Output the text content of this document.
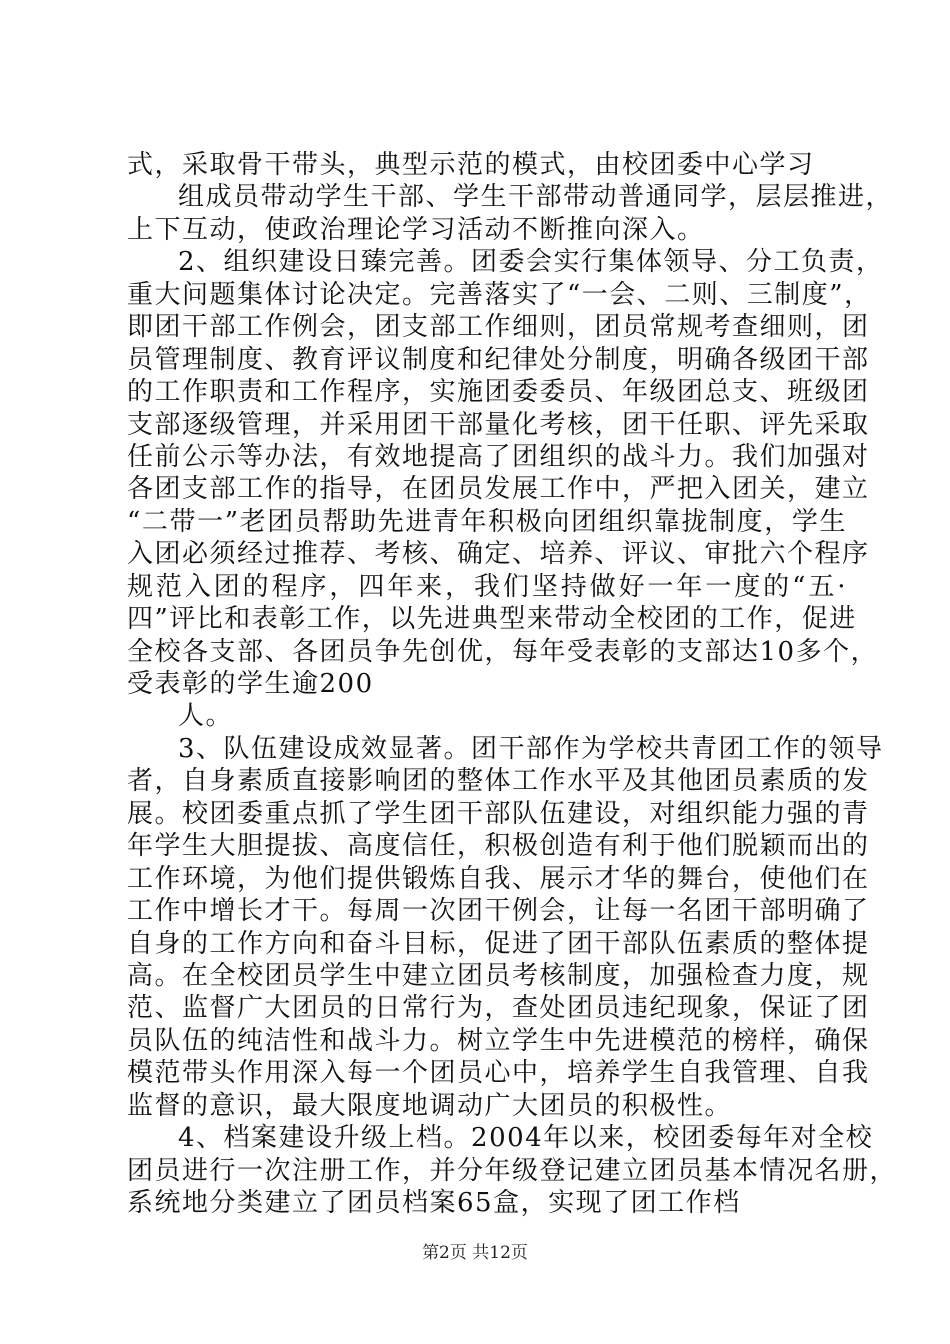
式，采取骨干带头，典型示范的模式，由校团委中心学习
组成员带动学生干部、学生干部带动普通同学，层层推进，
上下互动，使政治理论学习活动不断推向深入。
2、组织建设日臻完善。团委会实行集体领导、分工负责，
重大问题集体讨论决定。完善落实了“一会、二则、三制度”，
即团干部工作例会，团支部工作细则，团员常规考查细则，团
员管理制度、教育评议制度和纪律处分制度，明确各级团干部
的工作职责和工作程序，实施团委委员、年级团总支、班级团
支部逐级管理，并采用团干部量化考核，团干任职、评先采取
任前公示等办法，有效地提高了团组织的战斗力。我们加强对
各团支部工作的指导，在团员发展工作中，严把入团关，建立
“二带一”老团员帮助先进青年积极向团组织靠拢制度，学生
入团必须经过推荐、考核、确定、培养、评议、审批六个程序
规范入团的程序，四年来，我们坚持做好一年一度的“五·
四”评比和表彰工作，以先进典型来带动全校团的工作，促进
全校各支部、各团员争先创优，每年受表彰的支部达10多个，
受表彰的学生逾200
人。
3、队伍建设成效显著。团干部作为学校共青团工作的领导
者，自身素质直接影响团的整体工作水平及其他团员素质的发
展。校团委重点抓了学生团干部队伍建设，对组织能力强的青
年学生大胆提拔、高度信任，积极创造有利于他们脱颖而出的
工作环境，为他们提供锻炼自我、展示才华的舞台，使他们在
工作中增长才干。每周一次团干例会，让每一名团干部明确了
自身的工作方向和奋斗目标，促进了团干部队伍素质的整体提
高。在全校团员学生中建立团员考核制度，加强检查力度，规
范、监督广大团员的日常行为，查处团员违纪现象，保证了团
员队伍的纯洁性和战斗力。树立学生中先进模范的榜样，确保
模范带头作用深入每一个团员心中，培养学生自我管理、自我
监督的意识，最大限度地调动广大团员的积极性。
4、档案建设升级上档。2004年以来，校团委每年对全校
团员进行一次注册工作，并分年级登记建立团员基本情况名册，
系统地分类建立了团员档案65盒，实现了团工作档
第2页 共12页
